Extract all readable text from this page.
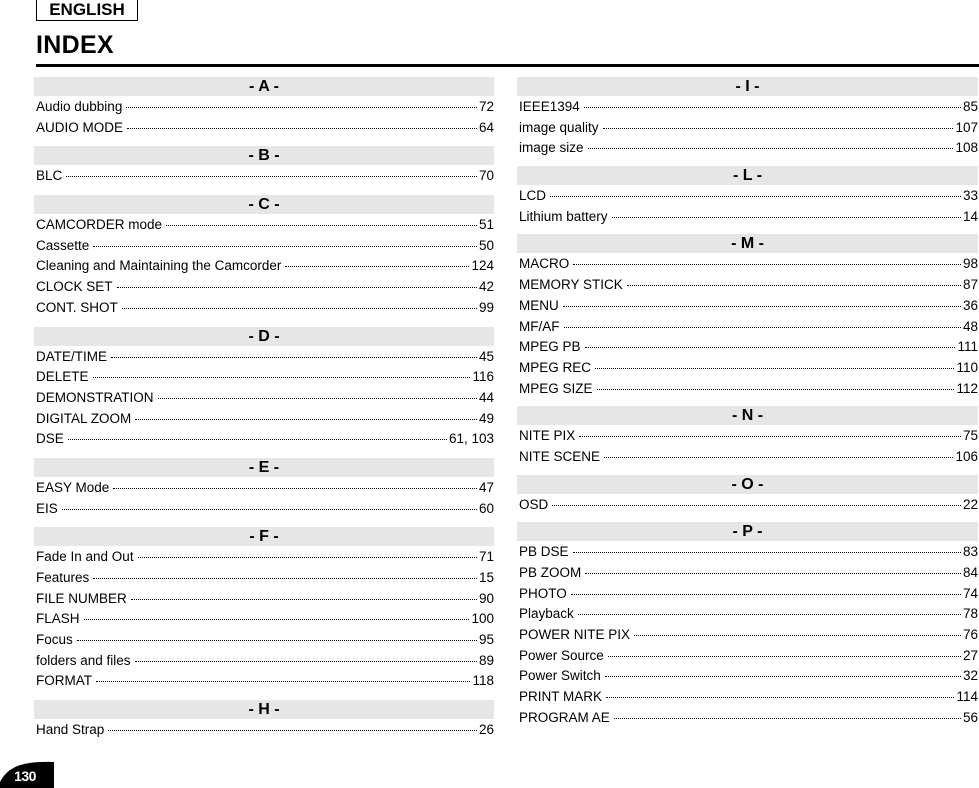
ENGLISH
INDEX
- A -
Audio dubbing	72
AUDIO MODE	64
- B -
BLC	70
- C -
CAMCORDER mode	51
Cassette	50
Cleaning and Maintaining the Camcorder	124
CLOCK SET	42
CONT. SHOT	99
- D -
DATE/TIME	45
DELETE	116
DEMONSTRATION	44
DIGITAL ZOOM	49
DSE	61, 103
- E -
EASY Mode	47
EIS	60
- F -
Fade In and Out	71
Features	15
FILE NUMBER	90
FLASH	100
Focus	95
folders and files	89
FORMAT	118
- H -
Hand Strap	26
- I -
IEEE1394	85
image quality	107
image size	108
- L -
LCD	33
Lithium battery	14
- M -
MACRO	98
MEMORY STICK	87
MENU	36
MF/AF	48
MPEG PB	111
MPEG REC	110
MPEG SIZE	112
- N -
NITE PIX	75
NITE SCENE	106
- O -
OSD	22
- P -
PB DSE	83
PB ZOOM	84
PHOTO	74
Playback	78
POWER NITE PIX	76
Power Source	27
Power Switch	32
PRINT MARK	114
PROGRAM AE	56
130
